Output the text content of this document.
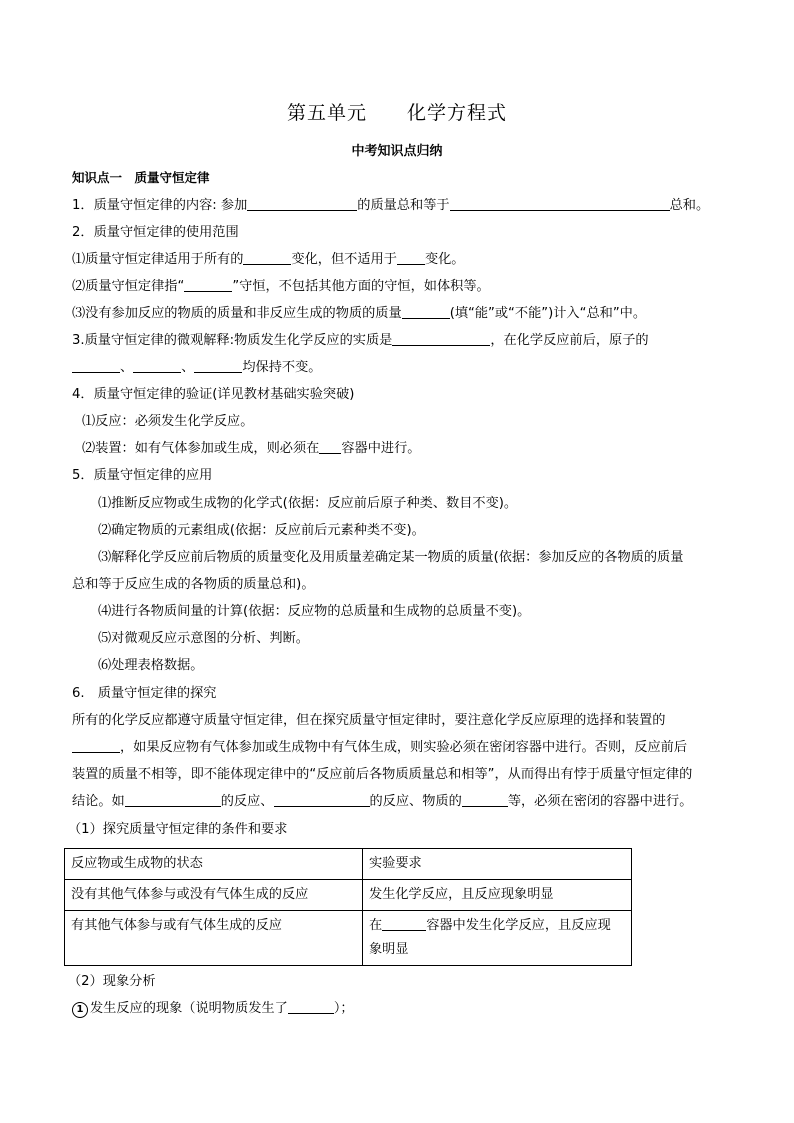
第五单元　　化学方程式
中考知识点归纳
知识点一　质量守恒定律
1．质量守恒定律的内容: 参加	的质量总和等于	总和。
2．质量守恒定律的使用范围
⑴质量守恒定律适用于所有的	变化，但不适用于 变化。
⑵质量守恒定律指“	”守恒，不包括其他方面的守恒，如体积等。
⑶没有参加反应的物质的质量和非反应生成的物质的质量	(填“能”或“不能”)计入“总和”中。
3.质量守恒定律的微观解释:物质发生化学反应的实质是	，在化学反应前后，原子的
、	、	均保持不变。
4．质量守恒定律的验证(详见教材基础实验突破)
⑴反应：必须发生化学反应。
⑵装置：如有气体参加或生成，则必须在 容器中进行。
5．质量守恒定律的应用
⑴推断反应物或生成物的化学式(依据：反应前后原子种类、数目不变)。
⑵确定物质的元素组成(依据：反应前后元素种类不变)。
⑶解释化学反应前后物质的质量变化及用质量差确定某一物质的质量(依据：参加反应的各物质的质量
总和等于反应生成的各物质的质量总和)。
⑷进行各物质间量的计算(依据：反应物的总质量和生成物的总质量不变)。
⑸对微观反应示意图的分析、判断。
⑹处理表格数据。
6.　质量守恒定律的探究
所有的化学反应都遵守质量守恒定律，但在探究质量守恒定律时，要注意化学反应原理的选择和装置的
，如果反应物有气体参加或生成物中有气体生成，则实验必须在密闭容器中进行。否则，反应前后
装置的质量不相等，即不能体现定律中的“反应前后各物质质量总和相等”，从而得出有悖于质量守恒定律的
结论。如	的反应、	的反应、物质的	等，必须在密闭的容器中进行。
（1）探究质量守恒定律的条件和要求
反应物或生成物的状态	实验要求
没有其他气体参与或没有气体生成的反应	发生化学反应，且反应现象明显
有其他气体参与或有气体生成的反应	在 容器中发生化学反应，且反应现
象明显
（2）现象分析
1 发生反应的现象（说明物质发生了	）；
